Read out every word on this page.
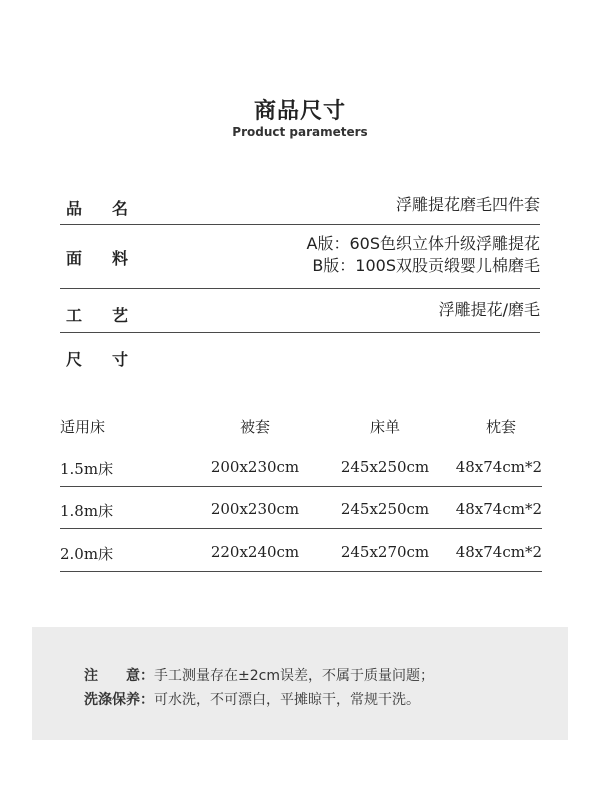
商品尺寸
Product parameters
品 名	浮雕提花磨毛四件套
面 料
A版：60S色织立体升级浮雕提花
B版：100S双股贡缎婴儿棉磨毛
工 艺	浮雕提花/磨毛
尺 寸
适用床	被套	床单	枕套
1.5m床	200x230cm	245x250cm	48x74cm*2
1.8m床	200x230cm	245x250cm	48x74cm*2
2.0m床	220x240cm	245x270cm	48x74cm*2
注　　意：手工测量存在±2cm误差，不属于质量问题；
洗涤保养：可水洗，不可漂白，平摊晾干，常规干洗。
